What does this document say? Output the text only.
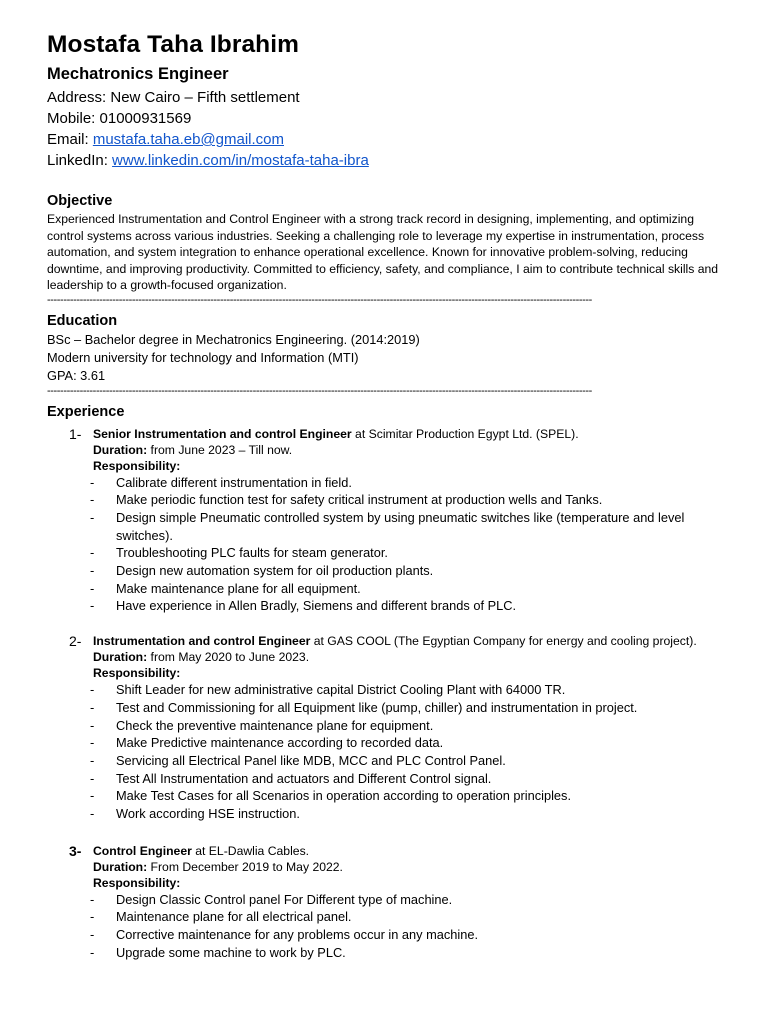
Mostafa Taha Ibrahim
Mechatronics Engineer
Address: New Cairo – Fifth settlement
Mobile: 01000931569
Email: mustafa.taha.eb@gmail.com
LinkedIn: www.linkedin.com/in/mostafa-taha-ibra
Objective

Experienced Instrumentation and Control Engineer with a strong track record in designing, implementing, and optimizing control systems across various industries. Seeking a challenging role to leverage my expertise in instrumentation, process automation, and system integration to enhance operational excellence. Known for innovative problem-solving, reducing downtime, and improving productivity. Committed to efficiency, safety, and compliance, I aim to contribute technical skills and leadership to a growth-focused organization.

-----------------------------------------------------------------------------------------------------------------------------------------------------------------------
Education

BSc – Bachelor degree in Mechatronics Engineering. (2014:2019)

Modern university for technology and Information (MTI)

GPA: 3.61

-----------------------------------------------------------------------------------------------------------------------------------------------------------------------
Experience
1- Senior Instrumentation and control Engineer at Scimitar Production Egypt Ltd. (SPEL).

Duration: from June 2023 – Till now.

Responsibility:

- Calibrate different instrumentation in field.
- Make periodic function test for safety critical instrument at production wells and Tanks.
- Design simple Pneumatic controlled system by using pneumatic switches like (temperature and level switches).
- Troubleshooting PLC faults for steam generator.
- Design new automation system for oil production plants.
- Make maintenance plane for all equipment.
- Have experience in Allen Bradly, Siemens and different brands of PLC.
2- Instrumentation and control Engineer at GAS COOL (The Egyptian Company for energy and cooling project).

Duration: from May 2020 to June 2023.

Responsibility:

- Shift Leader for new administrative capital District Cooling Plant with 64000 TR.
- Test and Commissioning for all Equipment like (pump, chiller) and instrumentation in project.
- Check the preventive maintenance plane for equipment.
- Make Predictive maintenance according to recorded data.
- Servicing all Electrical Panel like MDB, MCC and PLC Control Panel.
- Test All Instrumentation and actuators and Different Control signal.
- Make Test Cases for all Scenarios in operation according to operation principles.
- Work according HSE instruction.
3- Control Engineer at EL-Dawlia Cables.

Duration: From December 2019 to May 2022.

Responsibility:

- Design Classic Control panel For Different type of machine.
- Maintenance plane for all electrical panel.
- Corrective maintenance for any problems occur in any machine.
- Upgrade some machine to work by PLC.
